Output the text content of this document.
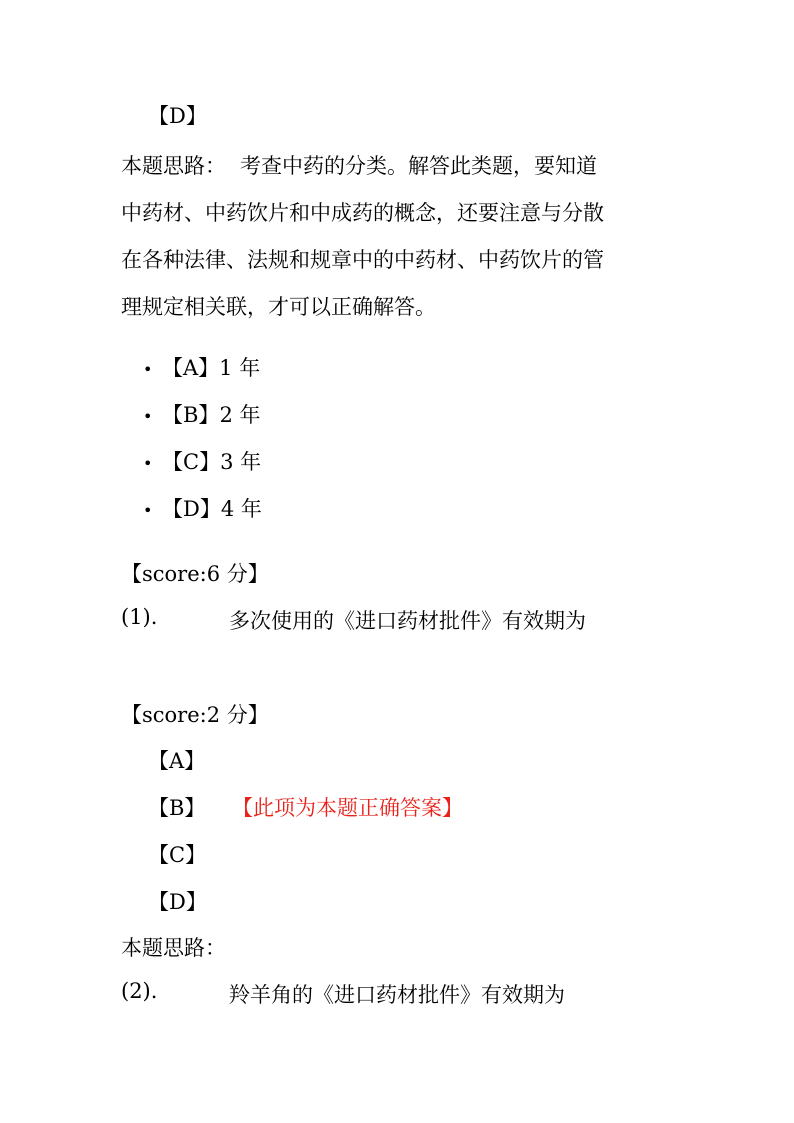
【D】
本题思路： 考查中药的分类。解答此类题，要知道
中药材、中药饮片和中成药的概念，还要注意与分散
在各种法律、法规和规章中的中药材、中药饮片的管
理规定相关联，才可以正确解答。
• 【A】1 年
• 【B】2 年
• 【C】3 年
• 【D】4 年
【score:6 分】
(1).	多次使用的《进口药材批件》有效期为
【score:2 分】
【A】
【B】 【此项为本题正确答案】
【C】
【D】
本题思路：
(2).	羚羊角的《进口药材批件》有效期为
